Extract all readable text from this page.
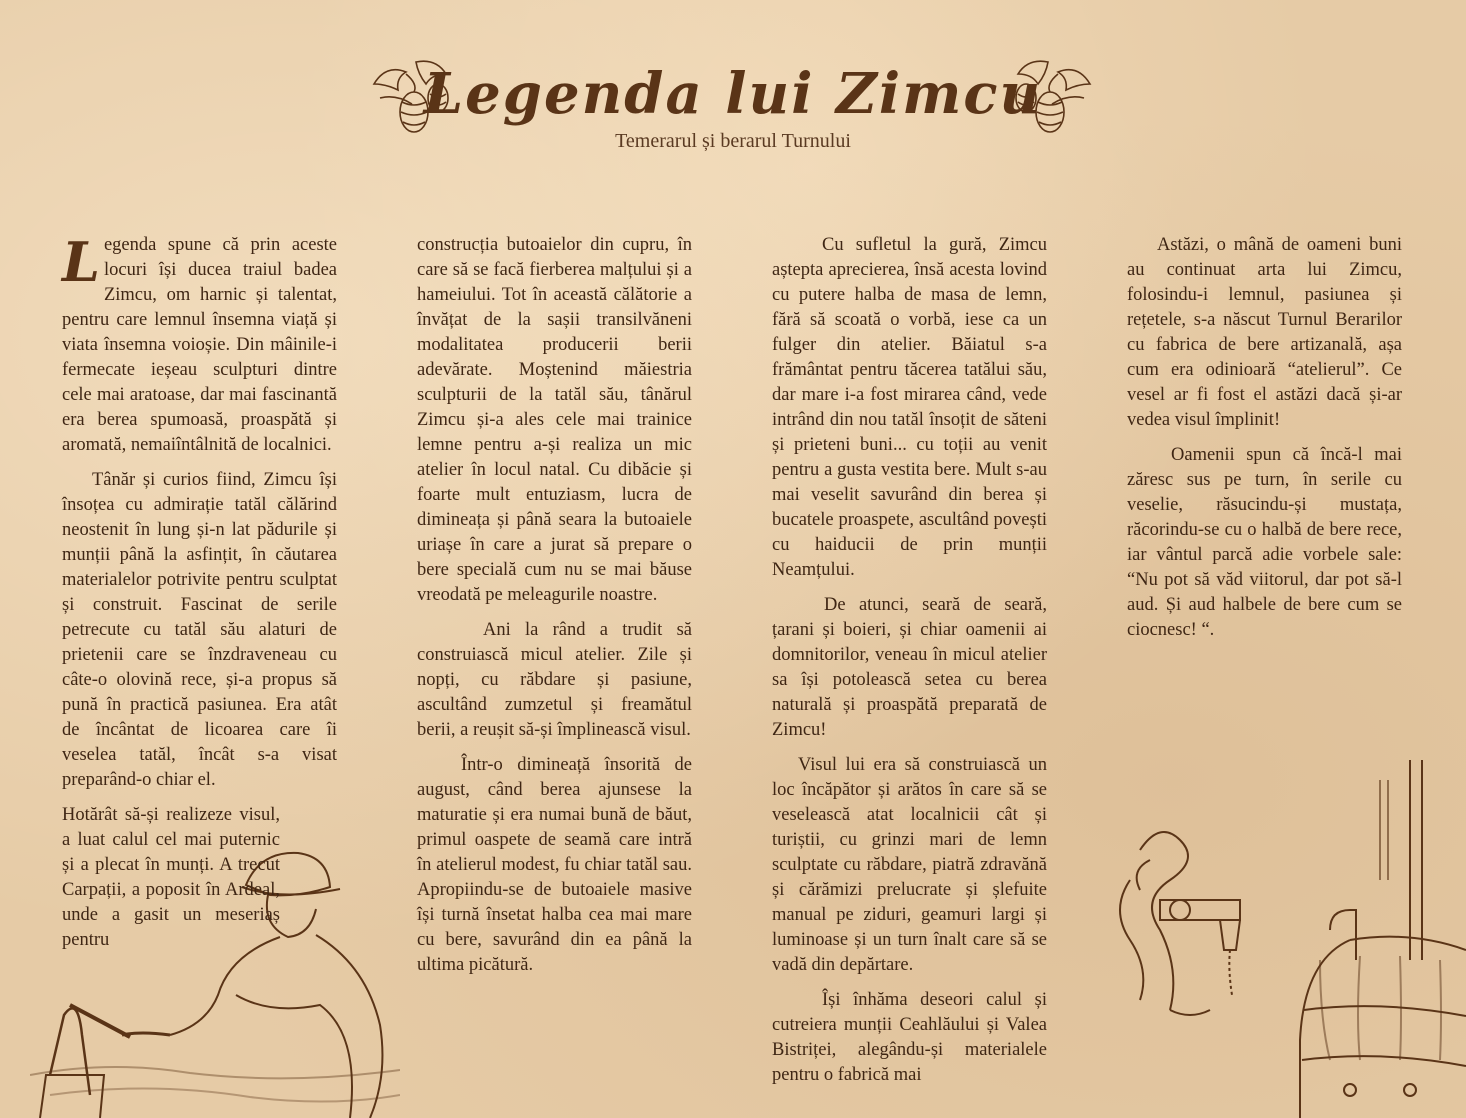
Legenda lui Zimcu
Temerarul și berarul Turnului

Legenda spune că prin aceste locuri își ducea traiul badea Zimcu, om harnic și talentat, pentru care lemnul însemna viață și viata însemna voioșie. Din mâinile-i fermecate ieșeau sculpturi dintre cele mai aratoase, dar mai fascinantă era berea spumoasă, proaspătă și aromată, nemaiîntâlnită de localnici.

Tânăr și curios fiind, Zimcu își însoțea cu admirație tatăl călărind neostenit în lung și-n lat pădurile și munții până la asfințit, în căutarea materialelor potrivite pentru sculptat și construit. Fascinat de serile petrecute cu tatăl său alaturi de prietenii care se înzdraveneau cu câte-o olovină rece, și-a propus să pună în practică pasiunea. Era atât de încântat de licoarea care îi veselea tatăl, încât s-a visat preparând-o chiar el.

Hotărât să-și realizeze visul, a luat calul cel mai puternic și a plecat în munți. A trecut Carpații, a poposit în Ardeal, unde a gasit un meseriaș pentru

construcția butoaielor din cupru, în care să se facă fierberea malțului și a hameiului. Tot în această călătorie a învățat de la sașii transilvăneni modalitatea producerii berii adevărate. Moștenind măiestria sculpturii de la tatăl său, tânărul Zimcu și-a ales cele mai trainice lemne pentru a-și realiza un mic atelier în locul natal. Cu dibăcie și foarte mult entuziasm, lucra de dimineața și până seara la butoaiele uriașe în care a jurat să prepare o bere specială cum nu se mai băuse vreodată pe meleagurile noastre.

Ani la rând a trudit să construiască micul atelier. Zile și nopți, cu răbdare și pasiune, ascultând zumzetul și freamătul berii, a reușit să-și împlinească visul.

Într-o dimineață însorită de august, când berea ajunsese la maturatie și era numai bună de băut, primul oaspete de seamă care intră în atelierul modest, fu chiar tatăl sau. Apropiindu-se de butoaiele masive își turnă însetat halba cea mai mare cu bere, savurând din ea până la ultima picătură.

Cu sufletul la gură, Zimcu aștepta aprecierea, însă acesta lovind cu putere halba de masa de lemn, fără să scoată o vorbă, iese ca un fulger din atelier. Băiatul s-a frământat pentru tăcerea tatălui său, dar mare i-a fost mirarea când, vede intrând din nou tatăl însoțit de săteni și prieteni buni... cu toții au venit pentru a gusta vestita bere. Mult s-au mai veselit savurând din berea și bucatele proaspete, ascultând povești cu haiducii de prin munții Neamțului.

De atunci, seară de seară, țarani și boieri, și chiar oamenii ai domnitorilor, veneau în micul atelier sa își potolească setea cu berea naturală și proaspătă preparată de Zimcu!

Visul lui era să construiască un loc încăpător și arătos în care să se veselească atat localnicii cât și turiștii, cu grinzi mari de lemn sculptate cu răbdare, piatră zdravănă și cărămizi prelucrate și șlefuite manual pe ziduri, geamuri largi și luminoase și un turn înalt care să se vadă din depărtare.

Își înhăma deseori calul și cutreiera munții Ceahlăului și Valea Bistriței, alegându-și materialele pentru o fabrică mai

Astăzi, o mână de oameni buni au continuat arta lui Zimcu, folosindu-i lemnul, pasiunea și rețetele, s-a născut Turnul Berarilor cu fabrica de bere artizanală, așa cum era odinioară “atelierul”. Ce vesel ar fi fost el astăzi dacă și-ar vedea visul împlinit!

Oamenii spun că încă-l mai zăresc sus pe turn, în serile cu veselie, răsucindu-și mustața, răcorindu-se cu o halbă de bere rece, iar vântul parcă adie vorbele sale: “Nu pot să văd viitorul, dar pot să-l aud. Și aud halbele de bere cum se ciocnesc! “.
